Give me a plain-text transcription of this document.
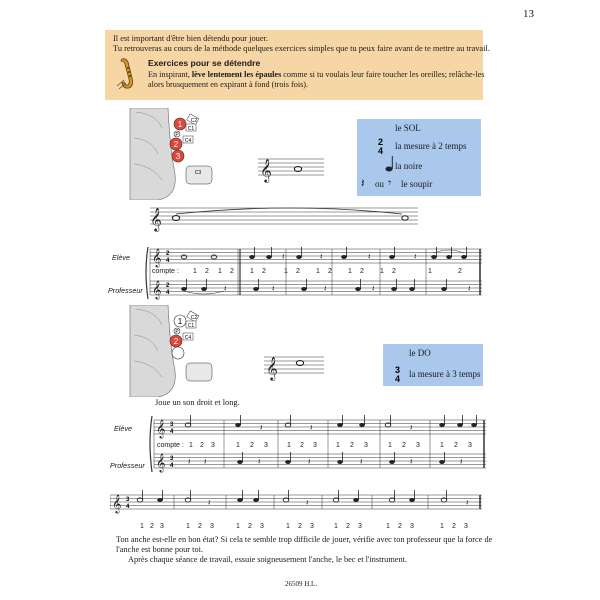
13
Il est important d'être bien détendu pour jouer.
Tu retrouveras au cours de la méthode quelques exercices simples que tu peux faire avant de te mettre au travail.
Exercices pour se détendre
En inspirant, lève lentement les épaules comme si tu voulais leur faire toucher les oreilles; relâche-les
alors brusquement en expirant à fond (trois fois).
1
P
2
3
C2
C1
C4
C3	𝄞
le SOL
2
4 la mesure à 2 temps
la noire
𝄽 ou 𝄾 le soupir
𝄞
Elève
Professeur
compte :
𝄞
𝄞
2
4
2
4
𝄽	𝄽	𝄽	𝄽
𝄽	𝄽	𝄽	𝄽	𝄽
1 2 1 2 1 2	1 2 1 2 1 2 1 2	1	2
1
P
2
C2
C1
C4
𝄞
le DO
3
4 la mesure à 3 temps
Joue un son droit et long.
Elève
Professeur
compte :
𝄞
𝄞
3
4
3
4
𝄽	𝄽	𝄽
𝄽 𝄽	𝄽	𝄽	𝄽	𝄽	𝄽
1 2 3	1 2 3	1 2 3	1 2 3	1 2 3	1 2 3
𝄞 3
4	𝄽	𝄽	𝄽
1 2 3	1 2 3	1 2 3	1 2 3	1 2 3	1 2 3	1 2 3
Ton anche est-elle en bon état? Si cela te semble trop difficile de jouer, vérifie avec ton professeur que la force de
l'anche est bonne pour toi.
Après chaque séance de travail, essuie soigneusement l'anche, le bec et l'instrument.
26509 H.L.
